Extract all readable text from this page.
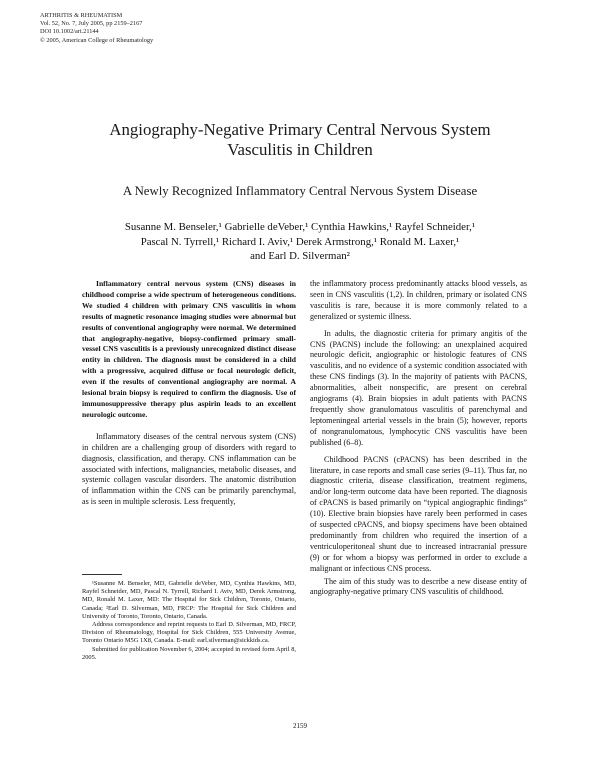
ARTHRITIS & RHEUMATISM
Vol. 52, No. 7, July 2005, pp 2159–2167
DOI 10.1002/art.21144
© 2005, American College of Rheumatology
Angiography-Negative Primary Central Nervous System
Vasculitis in Children
A Newly Recognized Inflammatory Central Nervous System Disease
Susanne M. Benseler,¹ Gabrielle deVeber,¹ Cynthia Hawkins,¹ Rayfel Schneider,¹
Pascal N. Tyrrell,¹ Richard I. Aviv,¹ Derek Armstrong,¹ Ronald M. Laxer,¹
and Earl D. Silverman²

Inflammatory central nervous system (CNS) diseases in childhood comprise a wide spectrum of heterogeneous conditions. We studied 4 children with primary CNS vasculitis in whom results of magnetic resonance imaging studies were abnormal but results of conventional angiography were normal. We determined that angiography-negative, biopsy-confirmed primary small-vessel CNS vasculitis is a previously unrecognized distinct disease entity in children. The diagnosis must be considered in a child with a progressive, acquired diffuse or focal neurologic deficit, even if the results of conventional angiography are normal. A lesional brain biopsy is required to confirm the diagnosis. Use of immunosuppressive therapy plus aspirin leads to an excellent neurologic outcome.

Inflammatory diseases of the central nervous system (CNS) in children are a challenging group of disorders with regard to diagnosis, classification, and therapy. CNS inflammation can be associated with infections, malignancies, metabolic diseases, and systemic collagen vascular disorders. The anatomic distribution of inflammation within the CNS can be primarily parenchymal, as is seen in multiple sclerosis. Less frequently,

¹Susanne M. Benseler, MD, Gabrielle deVeber, MD, Cynthia Hawkins, MD, Rayfel Schneider, MD, Pascal N. Tyrrell, Richard I. Aviv, MD, Derek Armstrong, MD, Ronald M. Laxer, MD: The Hospital for Sick Children, Toronto, Ontario, Canada; ²Earl D. Silverman, MD, FRCP: The Hospital for Sick Children and University of Toronto, Toronto, Ontario, Canada.

Address correspondence and reprint requests to Earl D. Silverman, MD, FRCP, Division of Rheumatology, Hospital for Sick Children, 555 University Avenue, Toronto Ontario M5G 1X8, Canada. E-mail: earl.silverman@sickkids.ca.

Submitted for publication November 6, 2004; accepted in revised form April 8, 2005.

the inflammatory process predominantly attacks blood vessels, as seen in CNS vasculitis (1,2). In children, primary or isolated CNS vasculitis is rare, because it is more commonly related to a generalized or systemic illness.

In adults, the diagnostic criteria for primary angitis of the CNS (PACNS) include the following: an unexplained acquired neurologic deficit, angiographic or histologic features of CNS vasculitis, and no evidence of a systemic condition associated with these CNS findings (3). In the majority of patients with PACNS, abnormalities, albeit nonspecific, are present on cerebral angiograms (4). Brain biopsies in adult patients with PACNS frequently show granulomatous vasculitis of parenchymal and leptomeningeal arterial vessels in the brain (5); however, reports of nongranulomatous, lymphocytic CNS vasculitis have been published (6–8).

Childhood PACNS (cPACNS) has been described in the literature, in case reports and small case series (9–11). Thus far, no diagnostic criteria, disease classification, treatment regimens, and/or long-term outcome data have been reported. The diagnosis of cPACNS is based primarily on “typical angiographic findings” (10). Elective brain biopsies have rarely been performed in cases of suspected cPACNS, and biopsy specimens have been obtained predominantly from children who required the insertion of a ventriculoperitoneal shunt due to increased intracranial pressure (9) or for whom a biopsy was performed in order to exclude a malignant or infectious CNS process.

The aim of this study was to describe a new disease entity of angiography-negative primary CNS vasculitis of childhood.

2159
